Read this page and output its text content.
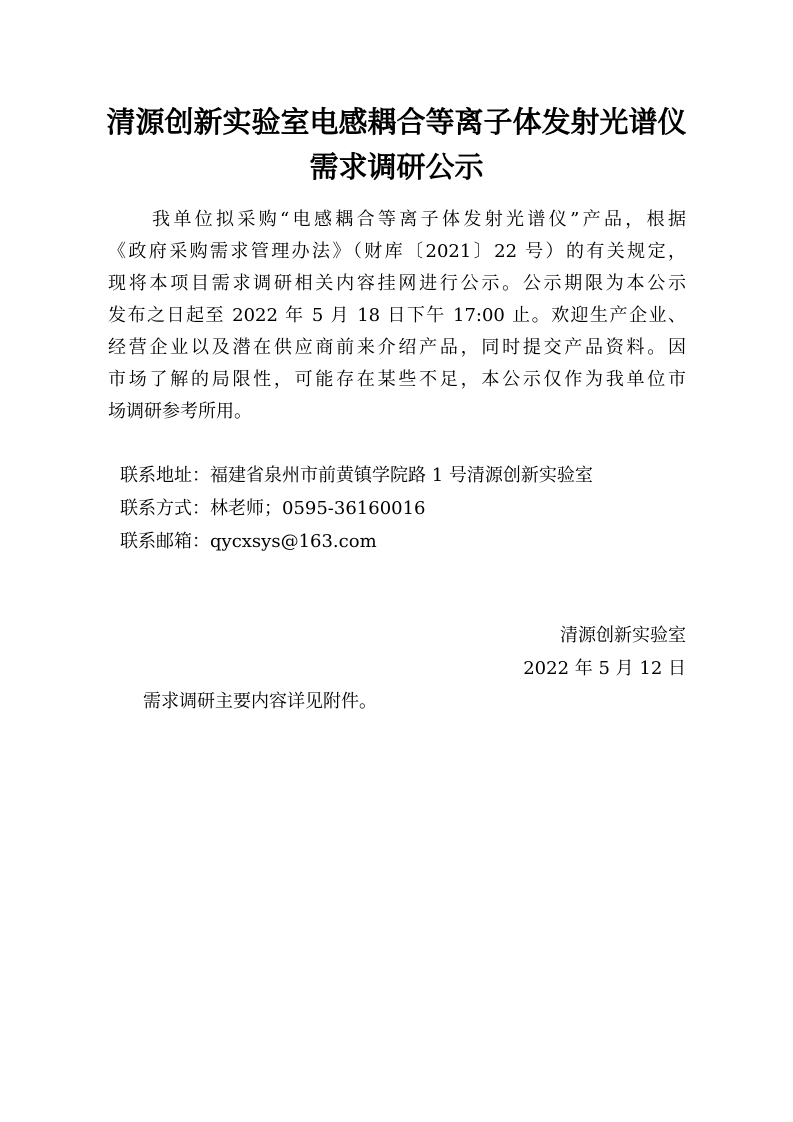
清源创新实验室电感耦合等离子体发射光谱仪
需求调研公示
我单位拟采购“电感耦合等离子体发射光谱仪”产品，根据
《政府采购需求管理办法》（财库〔2021〕22 号）的有关规定，
现将本项目需求调研相关内容挂网进行公示。公示期限为本公示
发布之日起至 2022 年 5 月 18 日下午 17:00 止。欢迎生产企业、
经营企业以及潜在供应商前来介绍产品，同时提交产品资料。因
市场了解的局限性，可能存在某些不足，本公示仅作为我单位市
场调研参考所用。
联系地址：福建省泉州市前黄镇学院路 1 号清源创新实验室
联系方式：林老师；0595-36160016
联系邮箱：qycxsys@163.com
清源创新实验室
2022 年 5 月 12 日
需求调研主要内容详见附件。
